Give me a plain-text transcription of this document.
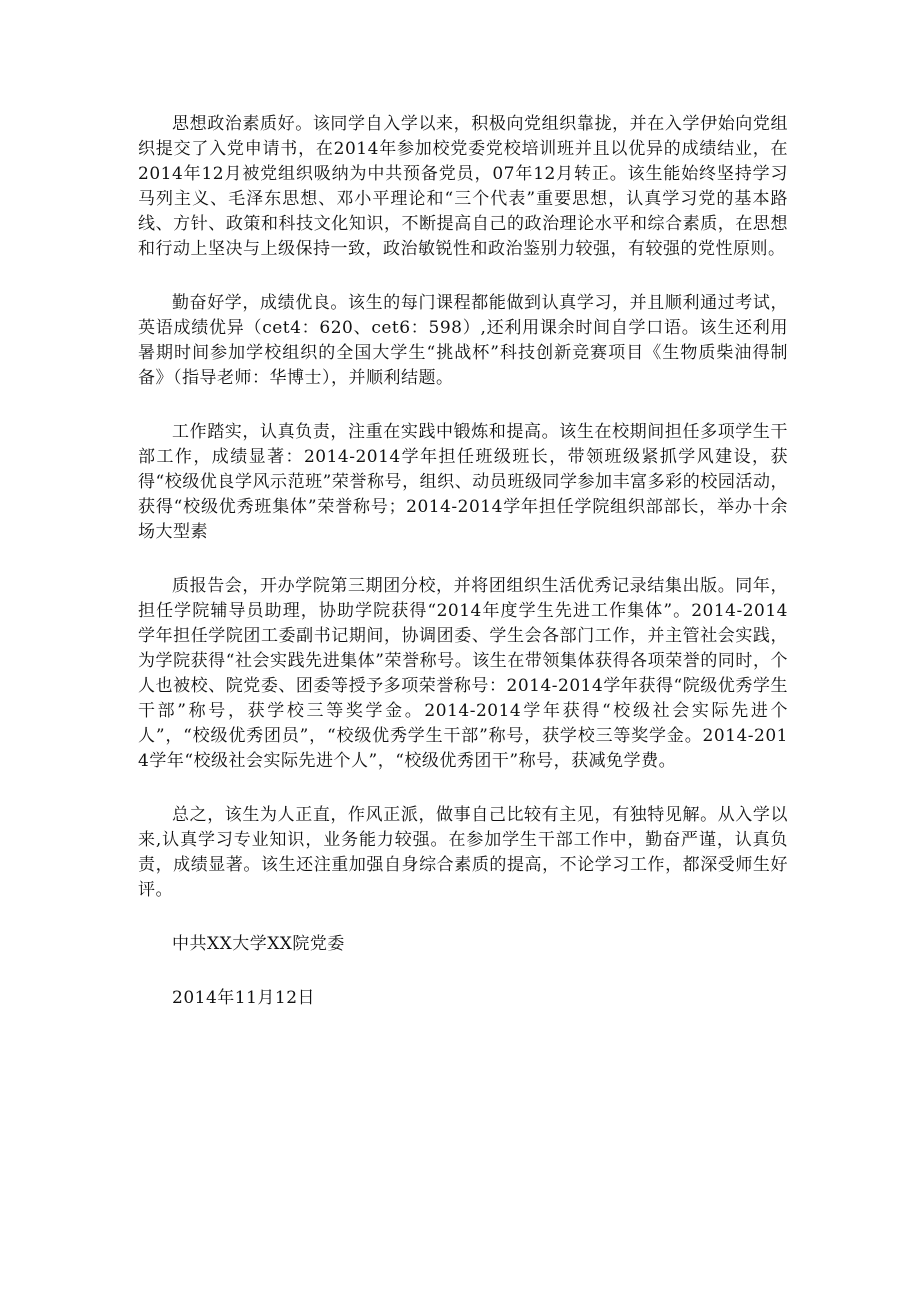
思想政治素质好。该同学自入学以来，积极向党组织靠拢，并在入学伊始向党组织提交了入党申请书，在2014年参加校党委党校培训班并且以优异的成绩结业，在2014年12月被党组织吸纳为中共预备党员，07年12月转正。该生能始终坚持学习马列主义、毛泽东思想、邓小平理论和“三个代表”重要思想，认真学习党的基本路线、方针、政策和科技文化知识，不断提高自己的政治理论水平和综合素质，在思想和行动上坚决与上级保持一致，政治敏锐性和政治鉴别力较强，有较强的党性原则。

勤奋好学，成绩优良。该生的每门课程都能做到认真学习，并且顺利通过考试，英语成绩优异（cet4：620、cet6：598）,还利用课余时间自学口语。该生还利用暑期时间参加学校组织的全国大学生“挑战杯”科技创新竞赛项目《生物质柴油得制备》（指导老师：华博士），并顺利结题。

工作踏实，认真负责，注重在实践中锻炼和提高。该生在校期间担任多项学生干部工作，成绩显著：2014-2014学年担任班级班长，带领班级紧抓学风建设，获得“校级优良学风示范班”荣誉称号，组织、动员班级同学参加丰富多彩的校园活动，获得“校级优秀班集体”荣誉称号；2014-2014学年担任学院组织部部长，举办十余场大型素

质报告会，开办学院第三期团分校，并将团组织生活优秀记录结集出版。同年，担任学院辅导员助理，协助学院获得“2014年度学生先进工作集体”。2014-2014学年担任学院团工委副书记期间，协调团委、学生会各部门工作，并主管社会实践，为学院获得“社会实践先进集体”荣誉称号。该生在带领集体获得各项荣誉的同时，个人也被校、院党委、团委等授予多项荣誉称号：2014-2014学年获得“院级优秀学生干部”称号，获学校三等奖学金。2014-2014学年获得“校级社会实际先进个人”，“校级优秀团员”，“校级优秀学生干部”称号，获学校三等奖学金。2014-2014学年“校级社会实际先进个人”，“校级优秀团干”称号，获减免学费。

总之，该生为人正直，作风正派，做事自己比较有主见，有独特见解。从入学以来,认真学习专业知识，业务能力较强。在参加学生干部工作中，勤奋严谨，认真负责，成绩显著。该生还注重加强自身综合素质的提高，不论学习工作，都深受师生好评。

中共XX大学XX院党委

2014年11月12日
